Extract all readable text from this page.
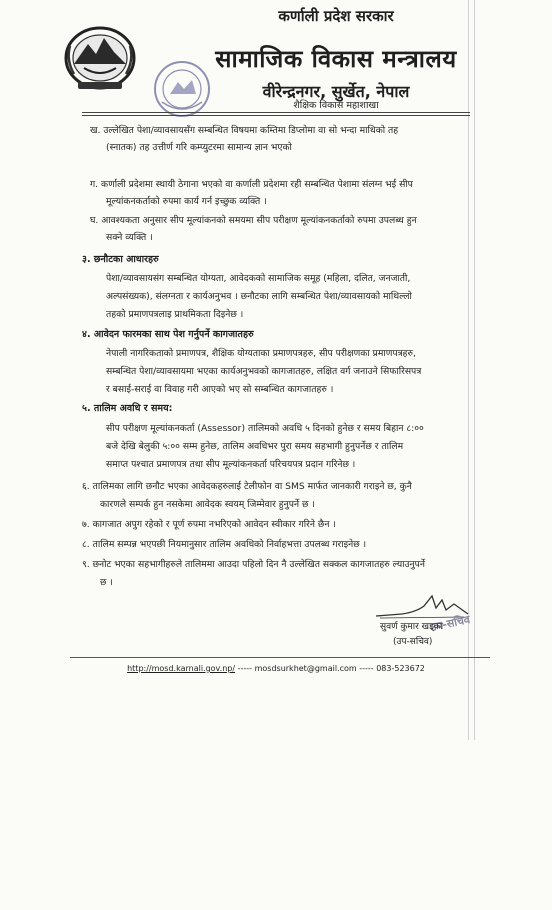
कर्णाली प्रदेश सरकार
सामाजिक विकास मन्त्रालय
वीरेन्द्रनगर, सुर्खेत, नेपाल
शैक्षिक विकास महाशाखा
ख. उल्लेखित पेशा/व्यावसायसँग सम्बन्धित विषयमा कम्तिमा डिप्लोमा वा सो भन्दा माथिको तह
(स्नातक) तह उत्तीर्ण गरि कम्प्युटरमा सामान्य ज्ञान भएको
ग. कर्णाली प्रदेशमा स्थायी ठेगाना भएको वा कर्णाली प्रदेशमा रही सम्बन्धित पेशामा संलग्न भई सीप
मूल्यांकनकर्ताको रुपमा कार्य गर्न इच्छुक व्यक्ति ।
घ. आवश्यकता अनुसार सीप मूल्यांकनको समयमा सीप परीक्षण मूल्यांकनकर्ताको रुपमा उपलब्ध हुन
सक्ने व्यक्ति ।
३. छनौटका आधारहरु
पेशा/व्यावसायसंग सम्बन्धित योग्यता, आवेदकको सामाजिक समूह (महिला, दलित, जनजाती,
अल्पसंख्यक), संलग्नता र कार्यअनुभव । छनौटका लागि सम्बन्धित पेशा/व्यावसायको माथिल्लो
तहको प्रमाणपत्रलाइ प्राथमिकता दिइनेछ ।
४. आवेदन फारमका साथ पेश गर्नुपर्ने कागजातहरु
नेपाली नागरिकताको प्रमाणपत्र, शैक्षिक योग्यताका प्रमाणपत्रहरु, सीप परीक्षणका प्रमाणपत्रहरु,
सम्बन्धित पेशा/व्यावसायमा भएका कार्यअनुभवको कागजातहरु, लक्षित वर्ग जनाउने सिफारिसपत्र
र बसाई-सराई वा विवाह गरी आएको भए सो सम्बन्धित कागजातहरु ।
५. तालिम अवधि र समय:
सीप परीक्षण मूल्यांकनकर्ता (Assessor) तालिमको अवधि ५ दिनको हुनेछ र समय बिहान ८:००
बजे देखि बेलुकी ५:०० सम्म हुनेछ, तालिम अवधिभर पुरा समय सहभागी हुनुपर्नेछ र तालिम
समाप्त पश्चात प्रमाणपत्र तथा सीप मूल्यांकनकर्ता परिचयपत्र प्रदान गरिनेछ ।
६. तालिमका लागि छनौट भएका आवेदकहरुलाई टेलीफोन वा SMS मार्फत जानकारी गराइने छ, कुनै
कारणले सम्पर्क हुन नसकेमा आवेदक स्वयम् जिम्मेवार हुनुपर्ने छ ।
७. कागजात अपुग रहेको र पूर्ण रुपमा नभरिएको आवेदन स्वीकार गरिने छैन ।
८. तालिम सम्पन्न भएपछी नियमानुसार तालिम अवधिको निर्वाहभत्ता उपलब्ध गराइनेछ ।
९. छनोट भएका सहभागीहरुले तालिममा आउदा पहिलो दिन नै उल्लेखित सक्कल कागजातहरु ल्याउनुपर्ने
छ ।
उप-सचिव
सुवर्ण कुमार खड्का
(उप-सचिव)
http://mosd.karnali.gov.np/ ----- mosdsurkhet@gmail.com ----- 083-523672
